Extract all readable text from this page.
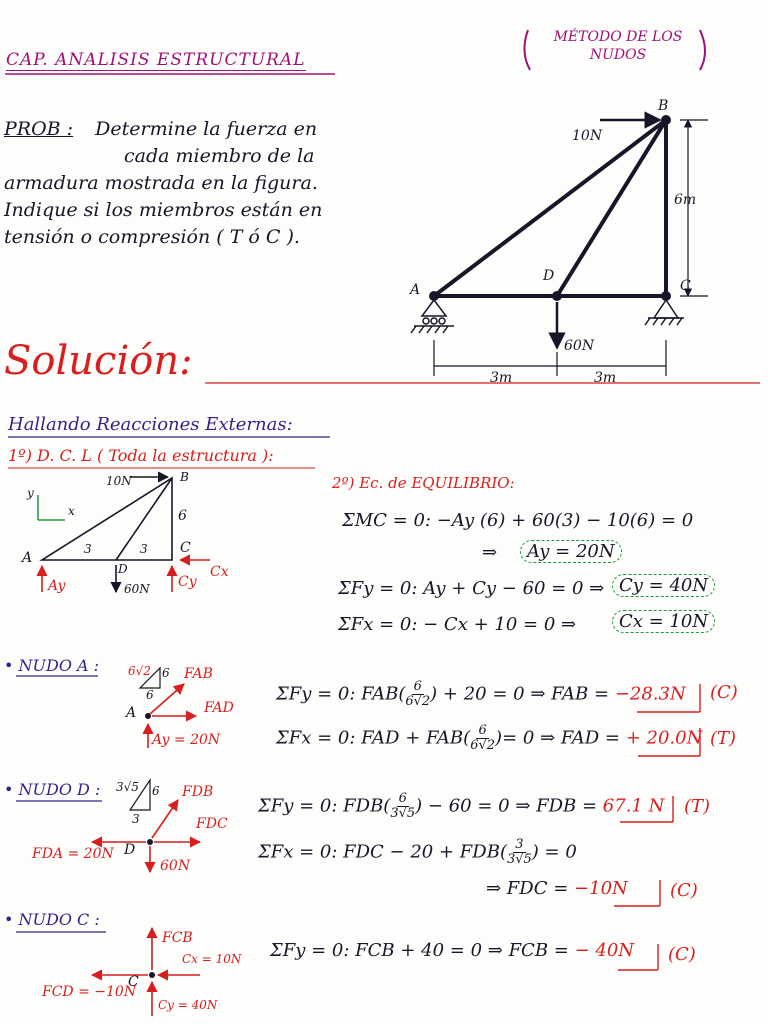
CAP. ANALISIS ESTRUCTURAL
MÉTODO DE LOS NUDOS
PROB : Determine la fuerza en
cada miembro de la
armadura mostrada en la figura.
Indique si los miembros están en
tensión o compresión ( T ó C ).
B
10N
6m
A
D
C
60N
3m	3m
Solución:
Hallando Reacciones Externas:
1º) D. C. L ( Toda la estructura ):
2º) Ec. de EQUILIBRIO:
y
x
10N	B
6
A
3	3
D
C
Ay	60N Cy
Cx
ΣMC = 0: −Ay (6) + 60(3) − 10(6) = 0
⇒	Ay = 20N
ΣFy = 0: Ay + Cy − 60 = 0 ⇒ Cy = 40N
ΣFx = 0: − Cx + 10 = 0 ⇒	Cx = 10N
• NUDO A : 6√2 6
6
FAB
FAD
A
Ay = 20N
ΣFy = 0: $FAB( \frac{6}{6√2}$ ) + 20 = 0 ⇒ FAB = −28.3N (C)
ΣFx = 0: FAD + $FAB( \frac{6}{6√2}$ )= 0 ⇒ FAD = + 20.0N (T)
• NUDO D : 3√5 6
3
FDB
FDC
FDA = 20N D
60N
ΣFy = 0: $FDB( \frac{6}{3√5}$ ) − 60 = 0 ⇒ FDB = 67.1 N (T)
ΣFx = 0: FDC − $20 + FDB( \frac{3}{3√5}$ ) = 0
⇒ FDC = −10N (C)
• NUDO C :
FCB
Cx = 10N
FCD = −10N
C
Cy = 40N
ΣFy = 0: FCB + 40 = 0 ⇒ FCB = − 40N (C)
